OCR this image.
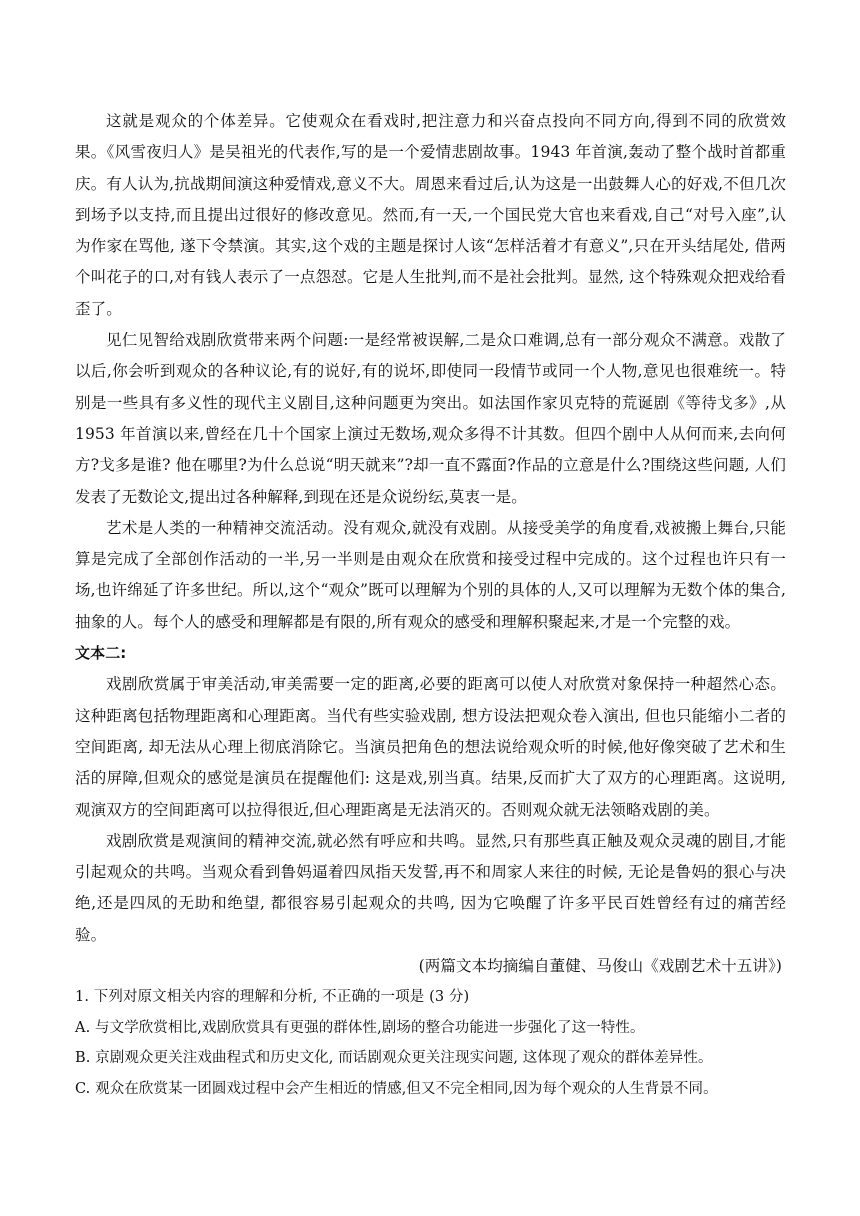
这就是观众的个体差异。它使观众在看戏时,把注意力和兴奋点投向不同方向,得到不同的欣赏效果。《风雪夜归人》是吴祖光的代表作,写的是一个爱情悲剧故事。1943 年首演,轰动了整个战时首都重庆。有人认为,抗战期间演这种爱情戏,意义不大。周恩来看过后,认为这是一出鼓舞人心的好戏,不但几次到场予以支持,而且提出过很好的修改意见。然而,有一天,一个国民党大官也来看戏,自己“对号入座”,认为作家在骂他, 遂下令禁演。其实,这个戏的主题是探讨人该“怎样活着才有意义”,只在开头结尾处, 借两个叫花子的口,对有钱人表示了一点怨怼。它是人生批判,而不是社会批判。显然, 这个特殊观众把戏给看歪了。

见仁见智给戏剧欣赏带来两个问题:一是经常被误解,二是众口难调,总有一部分观众不满意。戏散了以后,你会听到观众的各种议论,有的说好,有的说坏,即使同一段情节或同一个人物,意见也很难统一。特别是一些具有多义性的现代主义剧目,这种问题更为突出。如法国作家贝克特的荒诞剧《等待戈多》,从 1953 年首演以来,曾经在几十个国家上演过无数场,观众多得不计其数。但四个剧中人从何而来,去向何方?戈多是谁? 他在哪里?为什么总说“明天就来”?却一直不露面?作品的立意是什么?围绕这些问题, 人们发表了无数论文,提出过各种解释,到现在还是众说纷纭,莫衷一是。

艺术是人类的一种精神交流活动。没有观众,就没有戏剧。从接受美学的角度看,戏被搬上舞台,只能算是完成了全部创作活动的一半,另一半则是由观众在欣赏和接受过程中完成的。这个过程也许只有一场,也许绵延了许多世纪。所以,这个“观众”既可以理解为个别的具体的人,又可以理解为无数个体的集合,抽象的人。每个人的感受和理解都是有限的,所有观众的感受和理解积聚起来,才是一个完整的戏。

文本二:

戏剧欣赏属于审美活动,审美需要一定的距离,必要的距离可以使人对欣赏对象保持一种超然心态。这种距离包括物理距离和心理距离。当代有些实验戏剧, 想方设法把观众卷入演出, 但也只能缩小二者的空间距离, 却无法从心理上彻底消除它。当演员把角色的想法说给观众听的时候,他好像突破了艺术和生活的屏障,但观众的感觉是演员在提醒他们: 这是戏,别当真。结果,反而扩大了双方的心理距离。这说明,观演双方的空间距离可以拉得很近,但心理距离是无法消灭的。否则观众就无法领略戏剧的美。

戏剧欣赏是观演间的精神交流,就必然有呼应和共鸣。显然,只有那些真正触及观众灵魂的剧目,才能引起观众的共鸣。当观众看到鲁妈逼着四凤指天发誓,再不和周家人来往的时候, 无论是鲁妈的狠心与决绝,还是四凤的无助和绝望, 都很容易引起观众的共鸣, 因为它唤醒了许多平民百姓曾经有过的痛苦经验。

(两篇文本均摘编自董健、马俊山《戏剧艺术十五讲》)

1. 下列对原文相关内容的理解和分析, 不正确的一项是 (3 分)

A. 与文学欣赏相比,戏剧欣赏具有更强的群体性,剧场的整合功能进一步强化了这一特性。

B. 京剧观众更关注戏曲程式和历史文化, 而话剧观众更关注现实问题, 这体现了观众的群体差异性。

C. 观众在欣赏某一团圆戏过程中会产生相近的情感,但又不完全相同,因为每个观众的人生背景不同。
